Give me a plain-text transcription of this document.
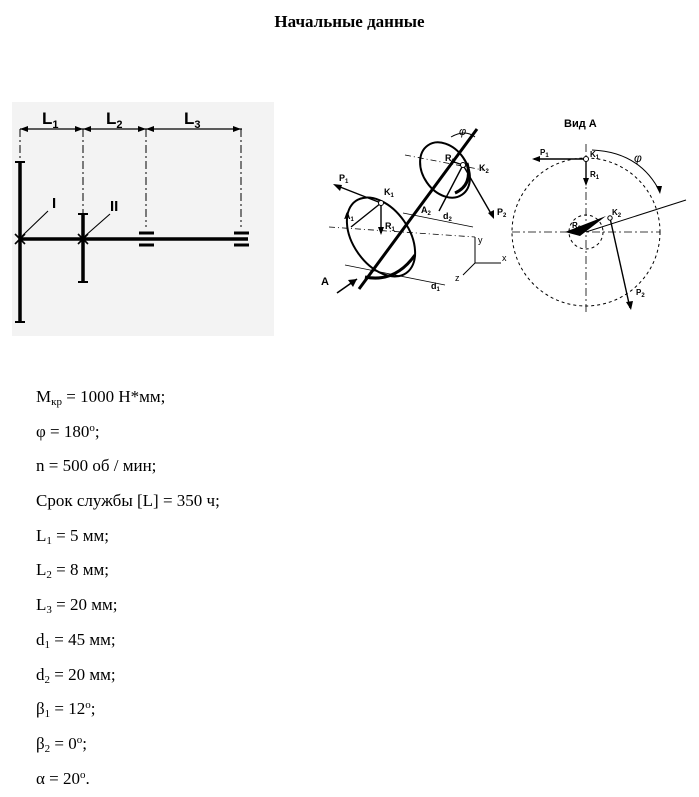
Начальные данные
$L_1$	$L_2$	$L_3$
I	II
A
φ
y
x
z
$P_1$
$K_1$
$A_1$
$R_1$
$R_2$
$K_2$
$A_2$ $d_2$
$P_2$
$d_1$
Вид А
φ
$P_1$	$K_1$
$R_1$
$R_2$
$K_2$
$P_2$
$M_{кр} = 1000$ Н*мм;
$\varphi = 180^o$;
n = 500 об / мин;
Срок службы [L] = 350 ч;
$L_1 = 5$ мм;
$L_2 = 8$ мм;
$L_3 = 20$ мм;
$d_1 = 45$ мм;
$d_2 = 20$ мм;
$\beta_1 = 12^o$;
$\beta_2 = 0^o$;
$\alpha = 20^o$.
